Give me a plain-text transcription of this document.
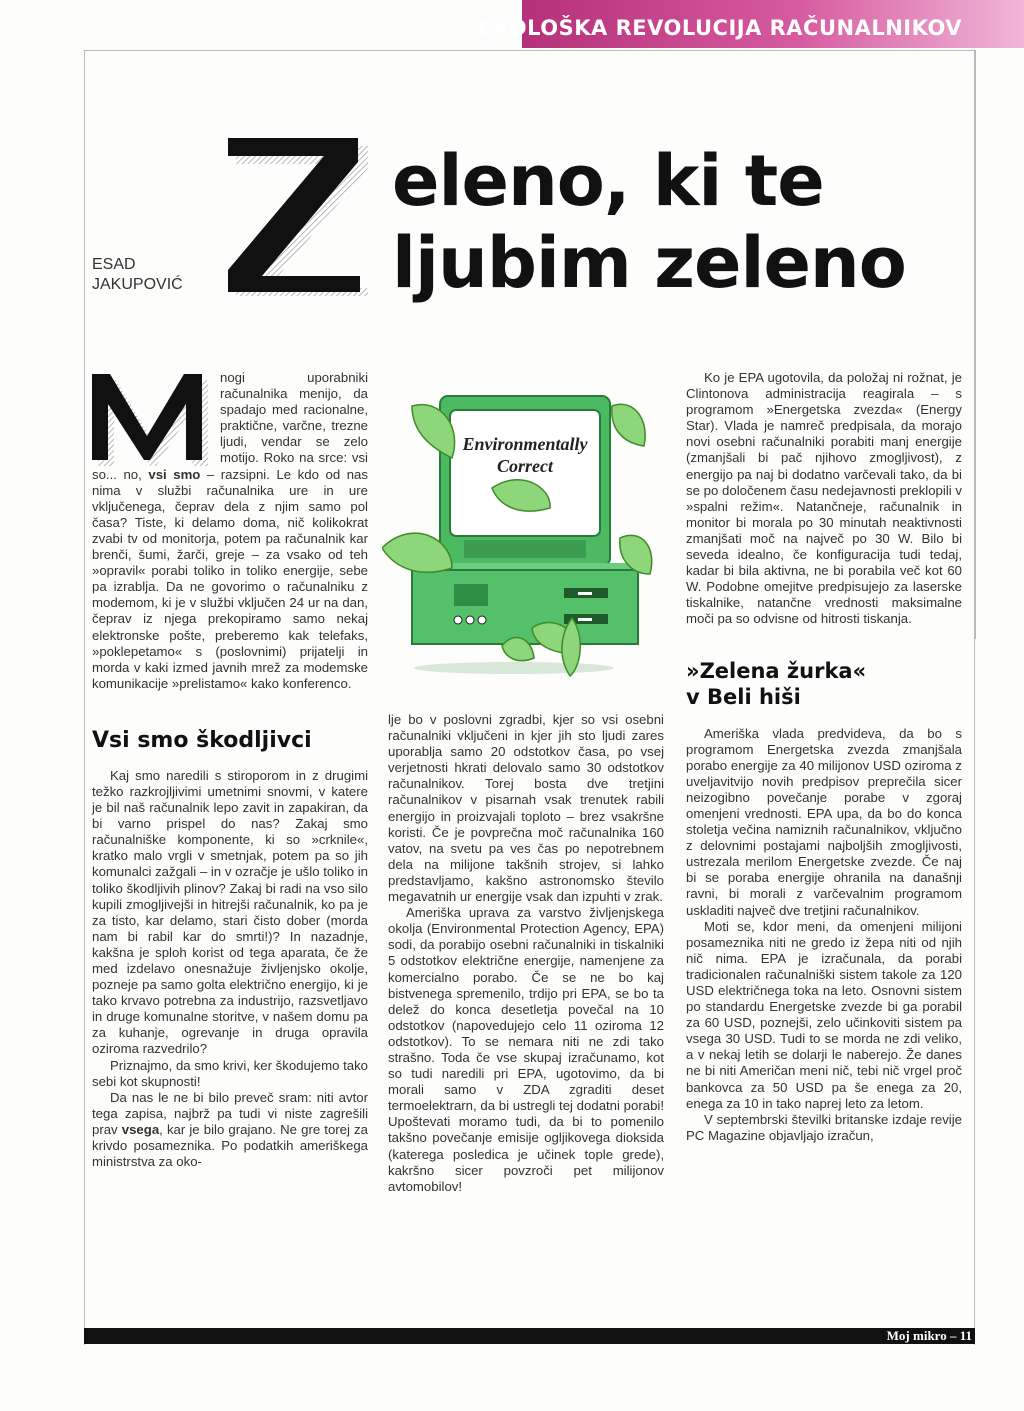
EKOLOŠKA REVOLUCIJA RAČUNALNIKOV
ESAD
JAKUPOVIĆ
eleno, ki te
ljubim zeleno
M	nogi uporabniki računalnika menijo, da spadajo med racionalne, praktične, varčne, trezne ljudi, vendar se zelo motijo. Roko na srce: vsi so... no, vsi smo – razsipni. Le kdo od nas nima v službi računalnika ure in ure vključenega, čeprav dela z njim samo pol časa? Tiste, ki delamo doma, nič kolikokrat zvabi tv od monitorja, potem pa računalnik kar brenči, šumi, žarči, greje – za vsako od teh »opravil« porabi toliko in toliko energije, sebe pa izrablja. Da ne govorimo o računalniku z modemom, ki je v službi vključen 24 ur na dan, čeprav iz njega prekopiramo samo nekaj elektronske pošte, preberemo kak telefaks, »poklepetamo« s (poslovnimi) prijatelji in morda v kaki izmed javnih mrež za modemske komunikacije »prelistamo« kako konferenco.

Vsi smo škodljivci

Kaj smo naredili s stiroporom in z drugimi težko razkrojljivimi umetnimi snovmi, v katere je bil naš računalnik lepo zavit in zapakiran, da bi varno prispel do nas? Zakaj smo računalniške komponente, ki so »crknile«, kratko malo vrgli v smetnjak, potem pa so jih komunalci zažgali – in v ozračje je ušlo toliko in toliko škodljivih plinov? Zakaj bi radi na vso silo kupili zmogljivejši in hitrejši računalnik, ko pa je za tisto, kar delamo, stari čisto dober (morda nam bi rabil kar do smrti!)? In nazadnje, kakšna je sploh korist od tega aparata, če že med izdelavo onesnažuje življenjsko okolje, pozneje pa samo golta električno energijo, ki je tako krvavo potrebna za industrijo, razsvetljavo in druge komunalne storitve, v našem domu pa za kuhanje, ogrevanje in druga opravila oziroma razvedrilo?

Priznajmo, da smo krivi, ker škodujemo tako sebi kot skupnosti!

Da nas le ne bi bilo preveč sram: niti avtor tega zapisa, najbrž pa tudi vi niste zagrešili prav vsega, kar je bilo grajano. Ne gre torej za krivdo posameznika. Po podatkih ameriškega ministrstva za oko-

Environmentally
Correct

lje bo v poslovni zgradbi, kjer so vsi osebni računalniki vključeni in kjer jih sto ljudi zares uporablja samo 20 odstotkov časa, po vsej verjetnosti hkrati delovalo samo 30 odstotkov računalnikov. Torej bosta dve tretjini računalnikov v pisarnah vsak trenutek rabili energijo in proizvajali toploto – brez vsakršne koristi. Če je povprečna moč računalnika 160 vatov, na svetu pa ves čas po nepotrebnem dela na milijone takšnih strojev, si lahko predstavljamo, kakšno astronomsko število megavatnih ur energije vsak dan izpuhti v zrak.

Ameriška uprava za varstvo življenjskega okolja (Environmental Protection Agency, EPA) sodi, da porabijo osebni računalniki in tiskalniki 5 odstotkov električne energije, namenjene za komercialno porabo. Če se ne bo kaj bistvenega spremenilo, trdijo pri EPA, se bo ta delež do konca desetletja povečal na 10 odstotkov (napovedujejo celo 11 oziroma 12 odstotkov). To se nemara niti ne zdi tako strašno. Toda če vse skupaj izračunamo, kot so tudi naredili pri EPA, ugotovimo, da bi morali samo v ZDA zgraditi deset termoelektrarn, da bi ustregli tej dodatni porabi! Upoštevati moramo tudi, da bi to pomenilo takšno povečanje emisije ogljikovega dioksida (katerega posledica je učinek tople grede), kakršno sicer povzroči pet milijonov avtomobilov!

Ko je EPA ugotovila, da položaj ni rožnat, je Clintonova administracija reagirala – s programom »Energetska zvezda« (Energy Star). Vlada je namreč predpisala, da morajo novi osebni računalniki porabiti manj energije (zmanjšali bi pač njihovo zmogljivost), z energijo pa naj bi dodatno varčevali tako, da bi se po določenem času nedejavnosti preklopili v »spalni režim«. Natančneje, računalnik in monitor bi morala po 30 minutah neaktivnosti zmanjšati moč na največ po 30 W. Bilo bi seveda idealno, če konfiguracija tudi tedaj, kadar bi bila aktivna, ne bi porabila več kot 60 W. Podobne omejitve predpisujejo za laserske tiskalnike, natančne vrednosti maksimalne moči pa so odvisne od hitrosti tiskanja.

»Zelena žurka«
v Beli hiši

Ameriška vlada predvideva, da bo s programom Energetska zvezda zmanjšala porabo energije za 40 milijonov USD oziroma z uveljavitvijo novih predpisov preprečila sicer neizogibno povečanje porabe v zgoraj omenjeni vrednosti. EPA upa, da bo do konca stoletja večina namiznih računalnikov, vključno z delovnimi postajami najboljših zmogljivosti, ustrezala merilom Energetske zvezde. Če naj bi se poraba energije ohranila na današnji ravni, bi morali z varčevalnim programom uskladiti največ dve tretjini računalnikov.

Moti se, kdor meni, da omenjeni milijoni posameznika niti ne gredo iz žepa niti od njih nič nima. EPA je izračunala, da porabi tradicionalen računalniški sistem takole za 120 USD električnega toka na leto. Osnovni sistem po standardu Energetske zvezde bi ga porabil za 60 USD, poznejši, zelo učinkoviti sistem pa vsega 30 USD. Tudi to se morda ne zdi veliko, a v nekaj letih se dolarji le naberejo. Že danes ne bi niti Američan meni nič, tebi nič vrgel proč bankovca za 50 USD pa še enega za 20, enega za 10 in tako naprej leto za letom.

V septembrski številki britanske izdaje revije PC Magazine objavljajo izračun,

Moj mikro – 11
